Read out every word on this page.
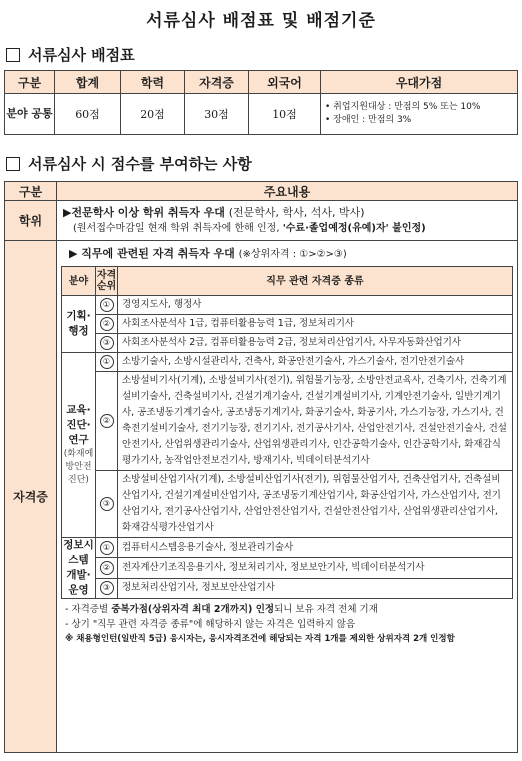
서류심사 배점표 및 배점기준
서류심사 배점표
구분	합계	학력	자격증	외국어	우대가점
분야 공통	60점	20점	30점	10점	• 취업지원대상 : 만점의 5% 또는 10%
• 장애인 : 만점의 3%
서류심사 시 점수를 부여하는 사항
구분	주요내용
학위	
▶전문학사 이상 학위 취득자 우대 (전문학사, 학사, 석사, 박사)
(원서접수마감일 현재 학위 취득자에 한해 인정, '수료·졸업예정(유예)자' 불인정)

자격증	
▶ 직무에 관련된 자격 취득자 우대 (※상위자격 : ①>②>③)
분야	자격 순위	직무 관련 자격증 종류
기획·행정	①	경영지도사, 행정사
②	사회조사분석사 1급, 컴퓨터활용능력 1급, 정보처리기사
③	사회조사분석사 2급, 컴퓨터활용능력 2급, 정보처리산업기사, 사무자동화산업기사

교육·진단·연구
(화재예방안전진단)
	①	소방기술사, 소방시설관리사, 건축사, 화공안전기술사, 가스기술사, 전기안전기술사
②	소방설비기사(기계), 소방설비기사(전기), 위험물기능장, 소방안전교육사, 건축기사, 건축기계설비기술사, 건축설비기사, 건설기계기술사, 건설기계설비기사, 기계안전기술사, 일반기계기사, 공조냉동기계기술사, 공조냉동기계기사, 화공기술사, 화공기사, 가스기능장, 가스기사, 건축전기설비기술사, 전기기능장, 전기기사, 전기공사기사, 산업안전기사, 건설안전기술사, 건설안전기사, 산업위생관리기술사, 산업위생관리기사, 인간공학기술사, 인간공학기사, 화재감식평가기사, 농작업안전보건기사, 방재기사, 빅데이터분석기사
③	소방설비산업기사(기계), 소방설비산업기사(전기), 위험물산업기사, 건축산업기사, 건축설비산업기사, 건설기계설비산업기사, 공조냉동기계산업기사, 화공산업기사, 가스산업기사, 전기산업기사, 전기공사산업기사, 산업안전산업기사, 건설안전산업기사, 산업위생관리산업기사, 화재감식평가산업기사
정보시스템 개발·운영	①	컴퓨터시스템응용기술사, 정보관리기술사
②	전자계산기조직응용기사, 정보처리기사, 정보보안기사, 빅데이터분석기사
③	정보처리산업기사, 정보보안산업기사
- 자격증별 중복가점(상위자격 최대 2개까지) 인정되니 보유 자격 전체 기재
- 상기 "직무 관련 자격증 종류"에 해당하지 않는 자격은 입력하지 않음
※ 채용형인턴(일반직 5급) 응시자는, 응시자격조건에 해당되는 자격 1개를 제외한 상위자격 2개 인정함
